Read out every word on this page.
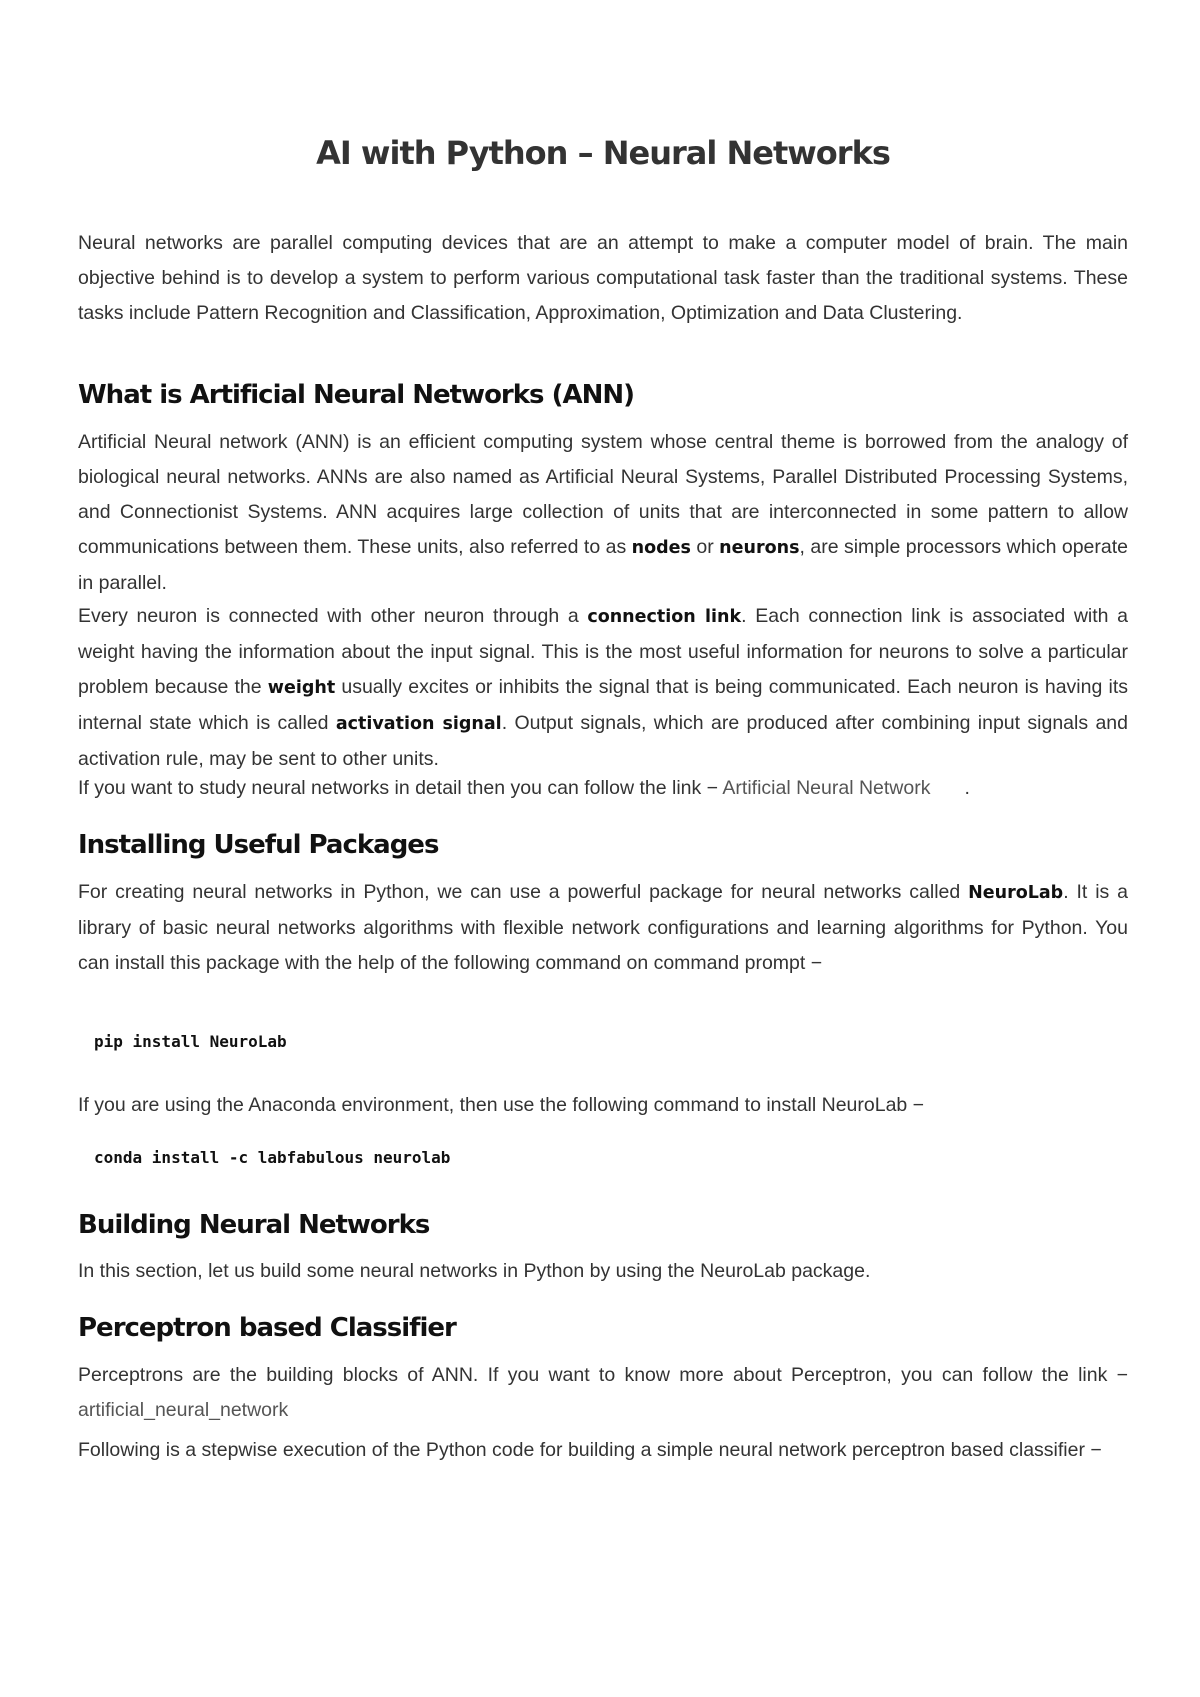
AI with Python – Neural Networks

Neural networks are parallel computing devices that are an attempt to make a computer model of brain. The main objective behind is to develop a system to perform various computational task faster than the traditional systems. These tasks include Pattern Recognition and Classification, Approximation, Optimization and Data Clustering.

What is Artificial Neural Networks (ANN)

Artificial Neural network (ANN) is an efficient computing system whose central theme is borrowed from the analogy of biological neural networks. ANNs are also named as Artificial Neural Systems, Parallel Distributed Processing Systems, and Connectionist Systems. ANN acquires large collection of units that are interconnected in some pattern to allow communications between them. These units, also referred to as nodes or neurons, are simple processors which operate in parallel.

Every neuron is connected with other neuron through a connection link. Each connection link is associated with a weight having the information about the input signal. This is the most useful information for neurons to solve a particular problem because the weight usually excites or inhibits the signal that is being communicated. Each neuron is having its internal state which is called activation signal. Output signals, which are produced after combining input signals and activation rule, may be sent to other units.

If you want to study neural networks in detail then you can follow the link − Artificial Neural Network .

Installing Useful Packages

For creating neural networks in Python, we can use a powerful package for neural networks called NeuroLab. It is a library of basic neural networks algorithms with flexible network configurations and learning algorithms for Python. You can install this package with the help of the following command on command prompt −

pip install NeuroLab

If you are using the Anaconda environment, then use the following command to install NeuroLab −

conda install -c labfabulous neurolab
Building Neural Networks

In this section, let us build some neural networks in Python by using the NeuroLab package.

Perceptron based Classifier

Perceptrons are the building blocks of ANN. If you want to know more about Perceptron, you can follow the link − artificial_neural_network

Following is a stepwise execution of the Python code for building a simple neural network perceptron based classifier −
